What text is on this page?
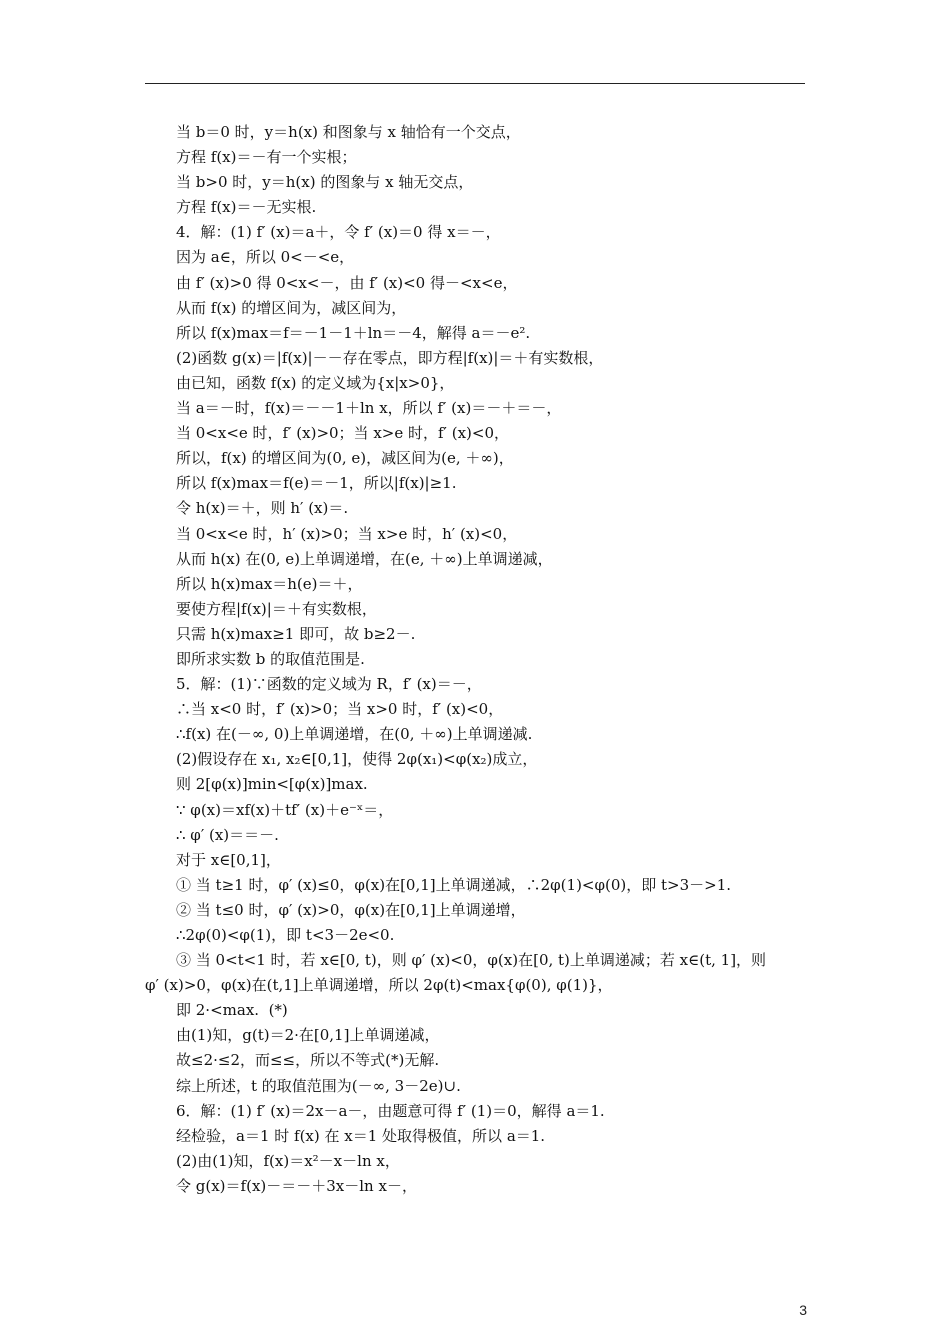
当 b＝0 时，y＝h(x) 和图象与 x 轴恰有一个交点，
方程 f(x)＝－有一个实根；
当 b>0 时，y＝h(x) 的图象与 x 轴无交点，
方程 f(x)＝－无实根.
4．解：(1) f′ (x)＝a＋，令 f′ (x)＝0 得 x＝－，
因为 a∈，所以 0<－<e，
由 f′ (x)>0 得 0<x<－，由 f′ (x)<0 得－<x<e，
从而 f(x) 的增区间为，减区间为，
所以 f(x)max＝f＝－1－1＋ln＝－4，解得 a＝－e².
(2)函数 g(x)＝|f(x)|－－存在零点，即方程|f(x)|＝＋有实数根，
由已知，函数 f(x) 的定义域为{x|x>0}，
当 a＝－时，f(x)＝－－1＋ln x，所以 f′ (x)＝－＋＝－，
当 0<x<e 时，f′ (x)>0；当 x>e 时，f′ (x)<0，
所以，f(x) 的增区间为(0, e)，减区间为(e, ＋∞)，
所以 f(x)max＝f(e)＝－1，所以|f(x)|≥1.
令 h(x)＝＋，则 h′ (x)＝.
当 0<x<e 时，h′ (x)>0；当 x>e 时，h′ (x)<0，
从而 h(x) 在(0, e)上单调递增，在(e, ＋∞)上单调递减，
所以 h(x)max＝h(e)＝＋，
要使方程|f(x)|＝＋有实数根，
只需 h(x)max≥1 即可，故 b≥2－.
即所求实数 b 的取值范围是.
5．解：(1)∵函数的定义域为 R，f′ (x)＝－，
∴当 x<0 时，f′ (x)>0；当 x>0 时，f′ (x)<0，
∴f(x) 在(－∞, 0)上单调递增，在(0, ＋∞)上单调递减.
(2)假设存在 x₁, x₂∈[0,1]，使得 2φ(x₁)<φ(x₂)成立，
则 2[φ(x)]min<[φ(x)]max.
∵ φ(x)＝xf(x)＋tf′ (x)＋e⁻ˣ＝，
∴ φ′ (x)＝＝－.
对于 x∈[0,1]，
① 当 t≥1 时，φ′ (x)≤0，φ(x)在[0,1]上单调递减，∴2φ(1)<φ(0)，即 t>3－>1.
② 当 t≤0 时，φ′ (x)>0，φ(x)在[0,1]上单调递增，
∴2φ(0)<φ(1)，即 t<3－2e<0.
③ 当 0<t<1 时，若 x∈[0, t)，则 φ′ (x)<0，φ(x)在[0, t)上单调递减；若 x∈(t, 1]，则
φ′ (x)>0，φ(x)在(t,1]上单调递增，所以 2φ(t)<max{φ(0), φ(1)}，
即 2·<max.  (*)
由(1)知，g(t)＝2·在[0,1]上单调递减，
故≤2·≤2，而≤≤，所以不等式(*)无解.
综上所述，t 的取值范围为(－∞, 3－2e)∪.
6．解：(1) f′ (x)＝2x－a－，由题意可得 f′ (1)＝0，解得 a＝1.
经检验，a＝1 时 f(x) 在 x＝1 处取得极值，所以 a＝1.
(2)由(1)知，f(x)＝x²－x－ln x，
令 g(x)＝f(x)－＝－＋3x－ln x－，
3
